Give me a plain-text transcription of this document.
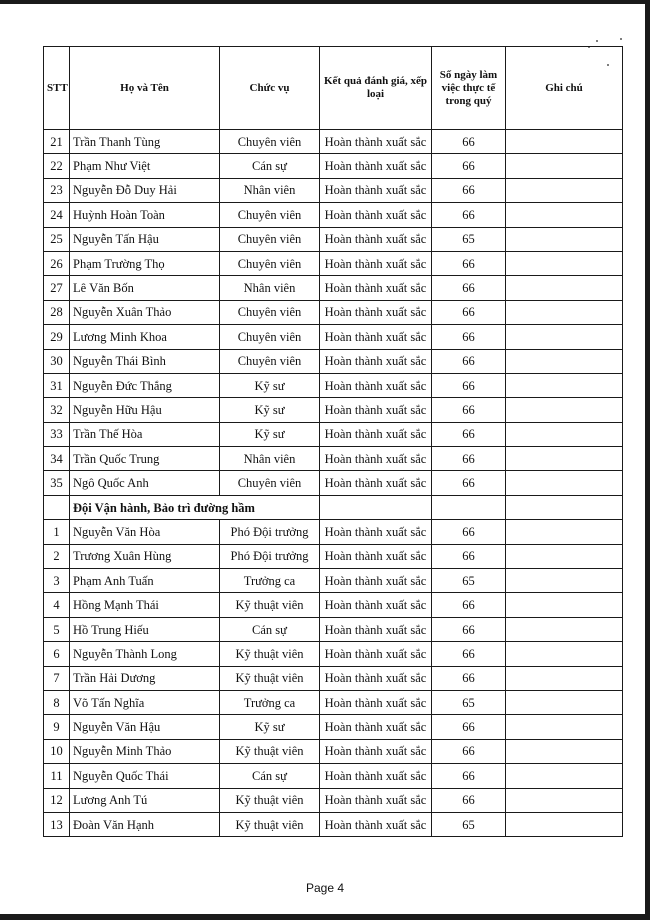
STT	Họ và Tên	Chức vụ	Kết quả đánh giá, xếp loại	Số ngày làm việc thực tế trong quý	Ghi chú
21	Trần Thanh Tùng	Chuyên viên	Hoàn thành xuất sắc	66	
22	Phạm Như Việt	Cán sự	Hoàn thành xuất sắc	66	
23	Nguyễn Đỗ Duy Hải	Nhân viên	Hoàn thành xuất sắc	66	
24	Huỳnh Hoàn Toàn	Chuyên viên	Hoàn thành xuất sắc	66	
25	Nguyễn Tấn Hậu	Chuyên viên	Hoàn thành xuất sắc	65	
26	Phạm Trường Thọ	Chuyên viên	Hoàn thành xuất sắc	66	
27	Lê Văn Bốn	Nhân viên	Hoàn thành xuất sắc	66	
28	Nguyễn Xuân Thảo	Chuyên viên	Hoàn thành xuất sắc	66	
29	Lương Minh Khoa	Chuyên viên	Hoàn thành xuất sắc	66	
30	Nguyễn Thái Bình	Chuyên viên	Hoàn thành xuất sắc	66	
31	Nguyễn Đức Thắng	Kỹ sư	Hoàn thành xuất sắc	66	
32	Nguyễn Hữu Hậu	Kỹ sư	Hoàn thành xuất sắc	66	
33	Trần Thế Hòa	Kỹ sư	Hoàn thành xuất sắc	66	
34	Trần Quốc Trung	Nhân viên	Hoàn thành xuất sắc	66	
35	Ngô Quốc Anh	Chuyên viên	Hoàn thành xuất sắc	66	
	Đội Vận hành, Bảo trì đường hầm				
1	Nguyễn Văn Hòa	Phó Đội trưởng	Hoàn thành xuất sắc	66	
2	Trương Xuân Hùng	Phó Đội trưởng	Hoàn thành xuất sắc	66	
3	Phạm Anh Tuấn	Trưởng ca	Hoàn thành xuất sắc	65	
4	Hồng Mạnh Thái	Kỹ thuật viên	Hoàn thành xuất sắc	66	
5	Hồ Trung Hiếu	Cán sự	Hoàn thành xuất sắc	66	
6	Nguyễn Thành Long	Kỹ thuật viên	Hoàn thành xuất sắc	66	
7	Trần Hải Dương	Kỹ thuật viên	Hoàn thành xuất sắc	66	
8	Võ Tấn Nghĩa	Trưởng ca	Hoàn thành xuất sắc	65	
9	Nguyễn Văn Hậu	Kỹ sư	Hoàn thành xuất sắc	66	
10	Nguyễn Minh Thảo	Kỹ thuật viên	Hoàn thành xuất sắc	66	
11	Nguyễn Quốc Thái	Cán sự	Hoàn thành xuất sắc	66	
12	Lương Anh Tú	Kỹ thuật viên	Hoàn thành xuất sắc	66	
13	Đoàn Văn Hạnh	Kỹ thuật viên	Hoàn thành xuất sắc	65	
Page 4
